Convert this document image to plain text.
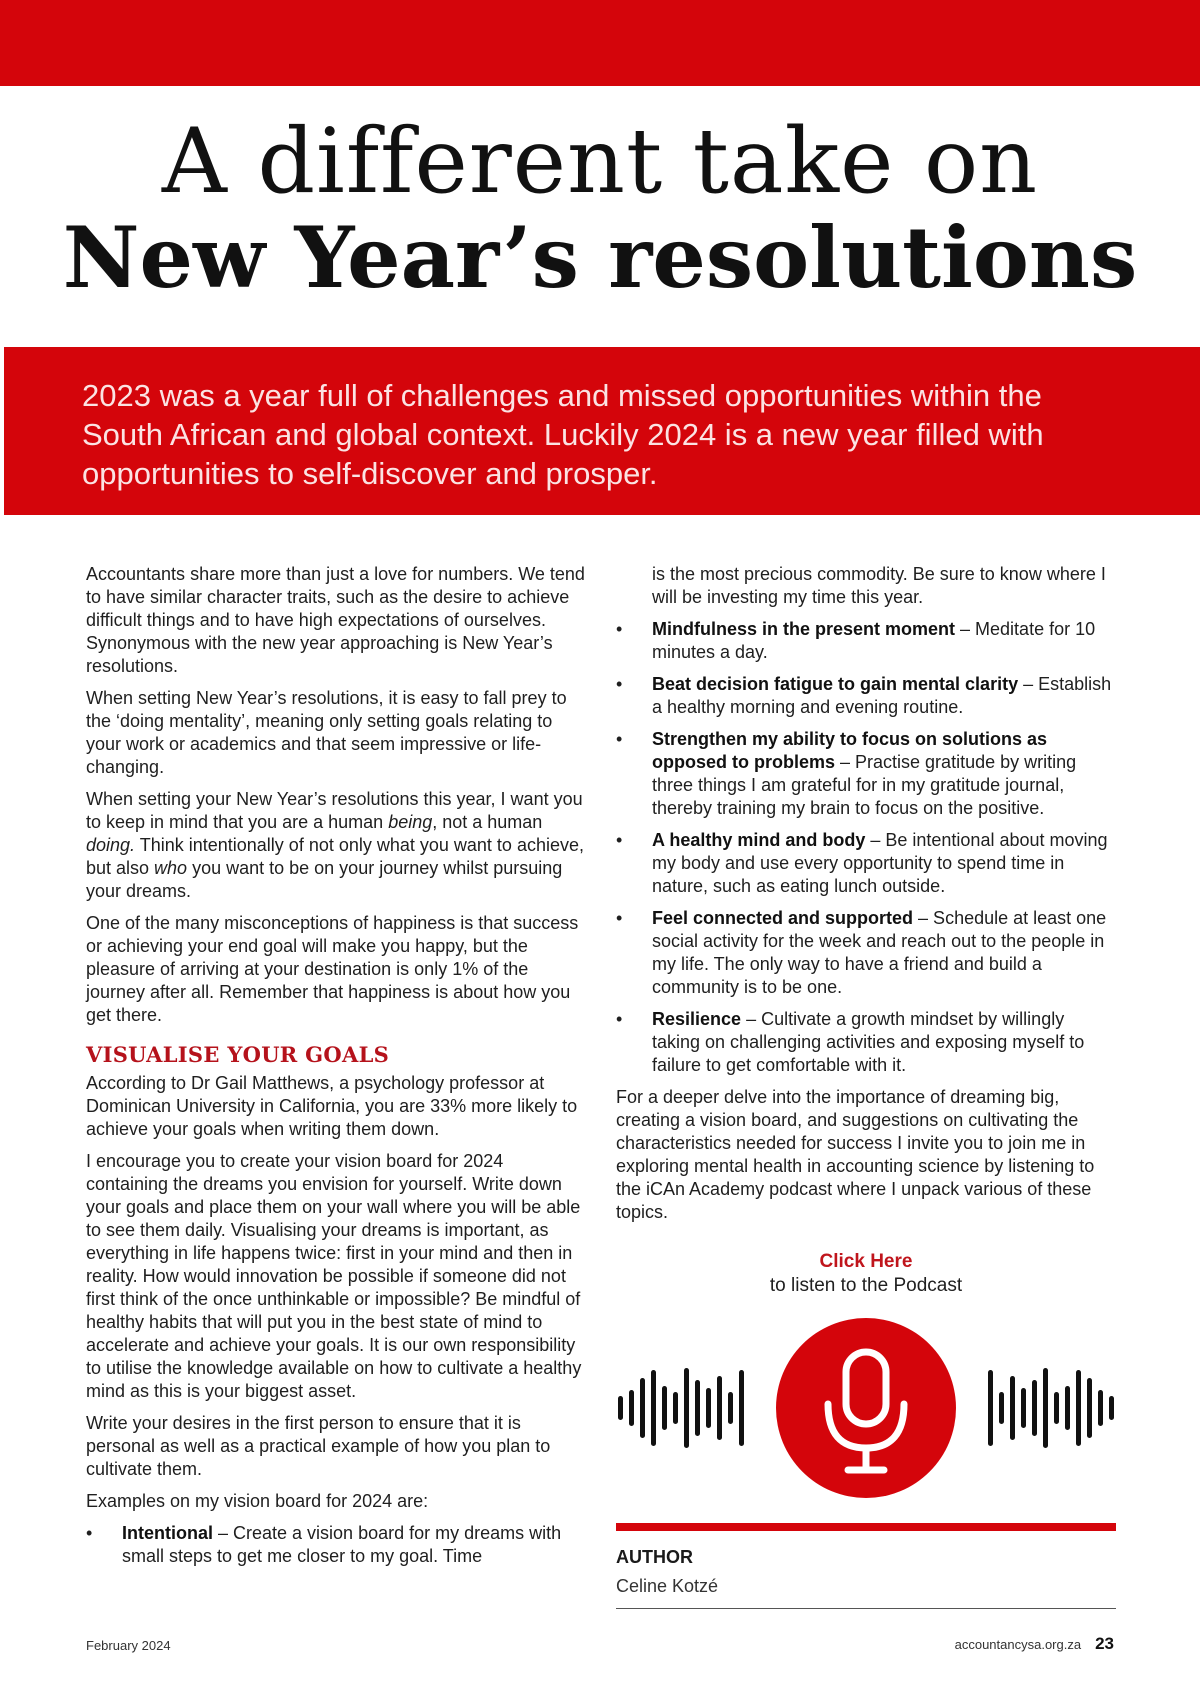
A different take on
New Year’s resolutions
2023 was a year full of challenges and missed opportunities within the South African and global context. Luckily 2024 is a new year filled with opportunities to self-discover and prosper.

Accountants share more than just a love for numbers. We tend to have similar character traits, such as the desire to achieve difficult things and to have high expectations of ourselves. Synonymous with the new year approaching is New Year’s resolutions.

When setting New Year’s resolutions, it is easy to fall prey to the ‘doing mentality’, meaning only setting goals relating to your work or academics and that seem impressive or life-changing.

When setting your New Year’s resolutions this year, I want you to keep in mind that you are a human being, not a human doing. Think intentionally of not only what you want to achieve, but also who you want to be on your journey whilst pursuing your dreams.

One of the many misconceptions of happiness is that success or achieving your end goal will make you happy, but the pleasure of arriving at your destination is only 1% of the journey after all. Remember that happiness is about how you get there.

VISUALISE YOUR GOALS

According to Dr Gail Matthews, a psychology professor at Dominican University in California, you are 33% more likely to achieve your goals when writing them down.

I encourage you to create your vision board for 2024 containing the dreams you envision for yourself. Write down your goals and place them on your wall where you will be able to see them daily. Visualising your dreams is important, as everything in life happens twice: first in your mind and then in reality. How would innovation be possible if someone did not first think of the once unthinkable or impossible? Be mindful of healthy habits that will put you in the best state of mind to accelerate and achieve your goals. It is our own responsibility to utilise the knowledge available on how to cultivate a healthy mind as this is your biggest asset.

Write your desires in the first person to ensure that it is personal as well as a practical example of how you plan to cultivate them.

Examples on my vision board for 2024 are:

• Intentional – Create a vision board for my dreams with small steps to get me closer to my goal. Time

is the most precious commodity. Be sure to know where I will be investing my time this year.

• Mindfulness in the present moment – Meditate for 10 minutes a day.
• Beat decision fatigue to gain mental clarity – Establish a healthy morning and evening routine.
• Strengthen my ability to focus on solutions as opposed to problems – Practise gratitude by writing three things I am grateful for in my gratitude journal, thereby training my brain to focus on the positive.
• A healthy mind and body – Be intentional about moving my body and use every opportunity to spend time in nature, such as eating lunch outside.
• Feel connected and supported – Schedule at least one social activity for the week and reach out to the people in my life. The only way to have a friend and build a community is to be one.
• Resilience – Cultivate a growth mindset by willingly taking on challenging activities and exposing myself to failure to get comfortable with it.

For a deeper delve into the importance of dreaming big, creating a vision board, and suggestions on cultivating the characteristics needed for success I invite you to join me in exploring mental health in accounting science by listening to the iCAn Academy podcast where I unpack various of these topics.

Click Here
to listen to the Podcast
AUTHOR
Celine Kotzé
February 2024	accountancysa.org.za 23
